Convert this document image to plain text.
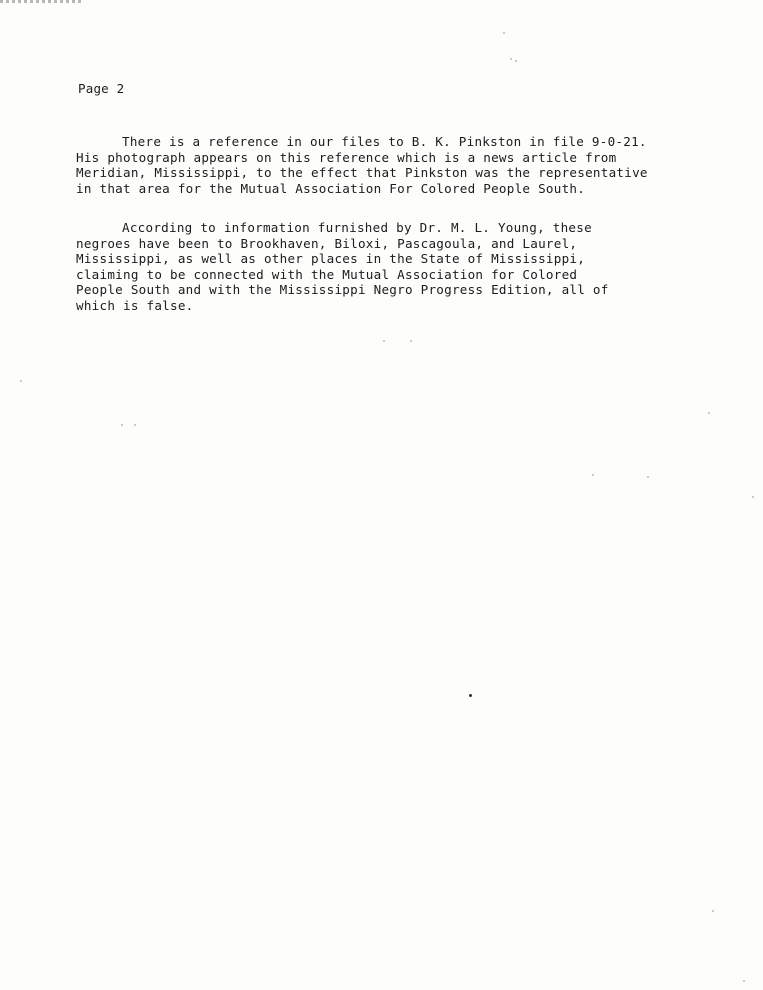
Page 2
There is a reference in our files to B. K. Pinkston in file 9-0-21.
His photograph appears on this reference which is a news article from
Meridian, Mississippi, to the effect that Pinkston was the representative
in that area for the Mutual Association For Colored People South.
According to information furnished by Dr. M. L. Young, these
negroes have been to Brookhaven, Biloxi, Pascagoula, and Laurel,
Mississippi, as well as other places in the State of Mississippi,
claiming to be connected with the Mutual Association for Colored
People South and with the Mississippi Negro Progress Edition, all of
which is false.
